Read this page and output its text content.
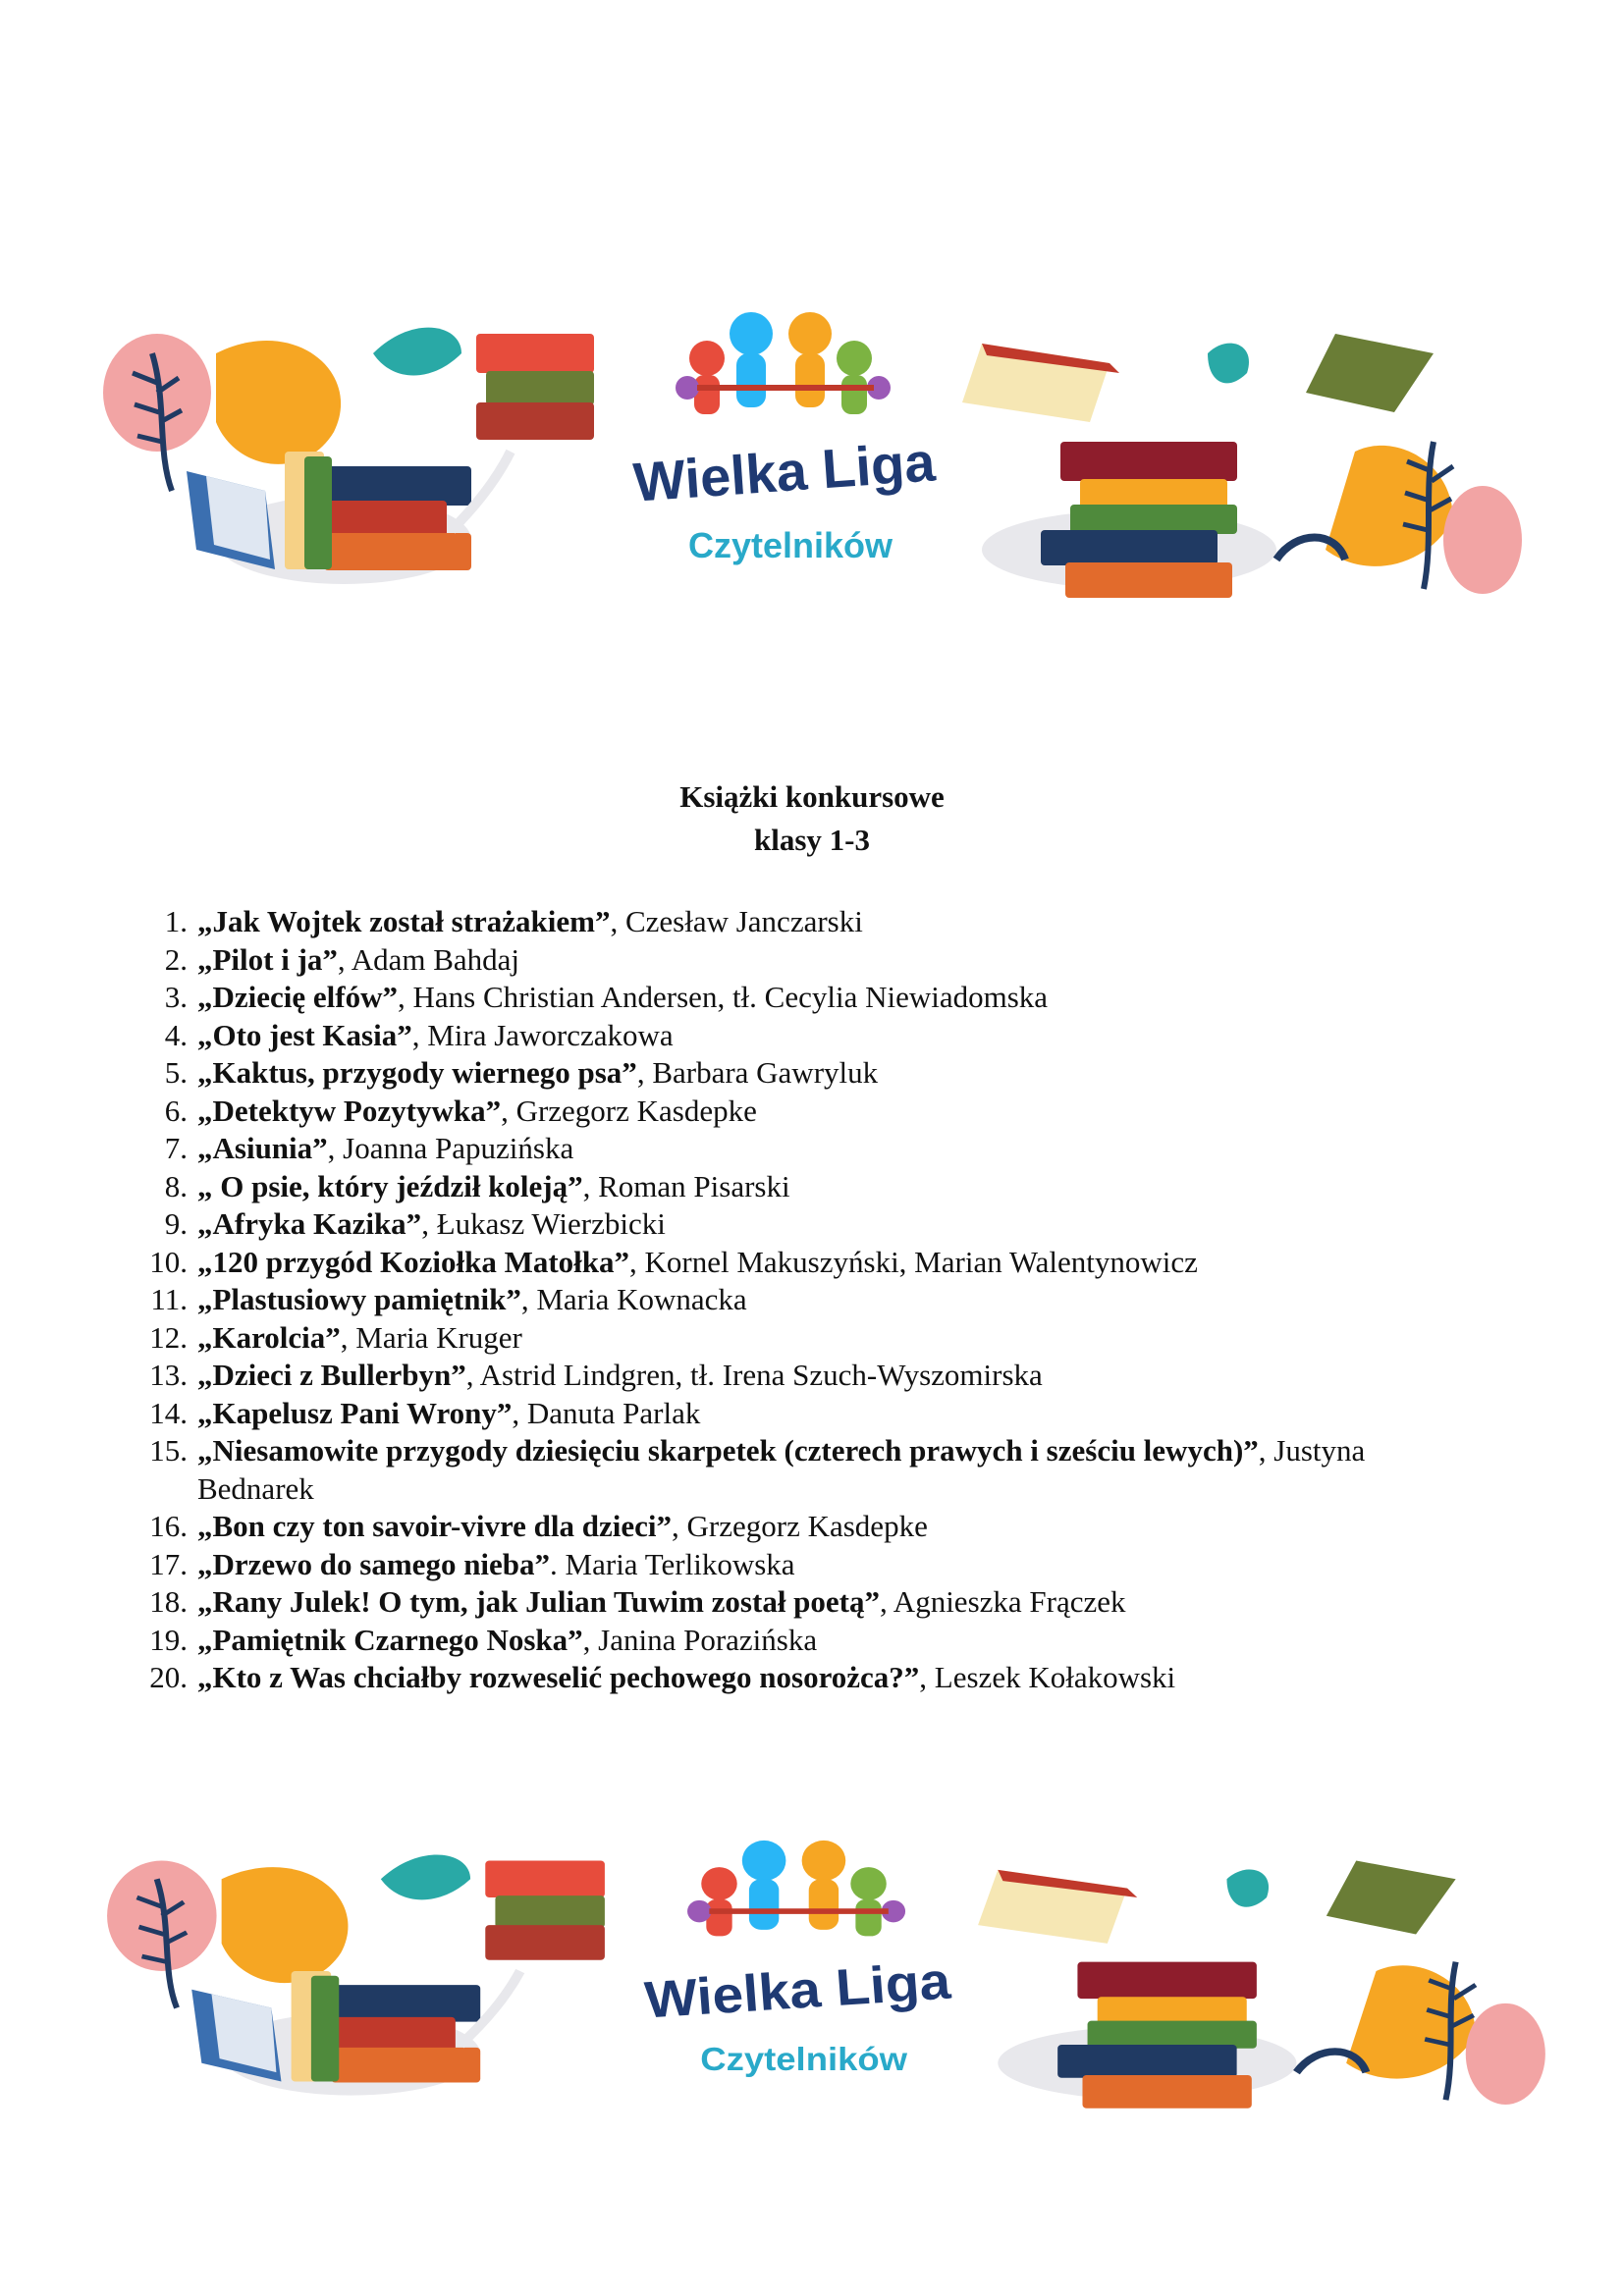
Wielka Liga
Czytelników
Książki konkursowe
klasy 1-3
1. „Jak Wojtek został strażakiem”, Czesław Janczarski
2. „Pilot i ja”, Adam Bahdaj
3. „Dziecię elfów”, Hans Christian Andersen, tł. Cecylia Niewiadomska
4. „Oto jest Kasia”, Mira Jaworczakowa
5. „Kaktus, przygody wiernego psa”, Barbara Gawryluk
6. „Detektyw Pozytywka”, Grzegorz Kasdepke
7. „Asiunia”, Joanna Papuzińska
8. „ O psie, który jeździł koleją”, Roman Pisarski
9. „Afryka Kazika”, Łukasz Wierzbicki
10. „120 przygód Koziołka Matołka”, Kornel Makuszyński, Marian Walentynowicz
11. „Plastusiowy pamiętnik”, Maria Kownacka
12. „Karolcia”, Maria Kruger
13. „Dzieci z Bullerbyn”, Astrid Lindgren, tł. Irena Szuch-Wyszomirska
14. „Kapelusz Pani Wrony”, Danuta Parlak
15. „Niesamowite przygody dziesięciu skarpetek (czterech prawych i sześciu lewych)”, Justyna Bednarek
16. „Bon czy ton savoir-vivre dla dzieci”, Grzegorz Kasdepke
17. „Drzewo do samego nieba”. Maria Terlikowska
18. „Rany Julek! O tym, jak Julian Tuwim został poetą”, Agnieszka Frączek
19. „Pamiętnik Czarnego Noska”, Janina Porazińska
20. „Kto z Was chciałby rozweselić pechowego nosorożca?”, Leszek Kołakowski
Wielka Liga
Czytelników
